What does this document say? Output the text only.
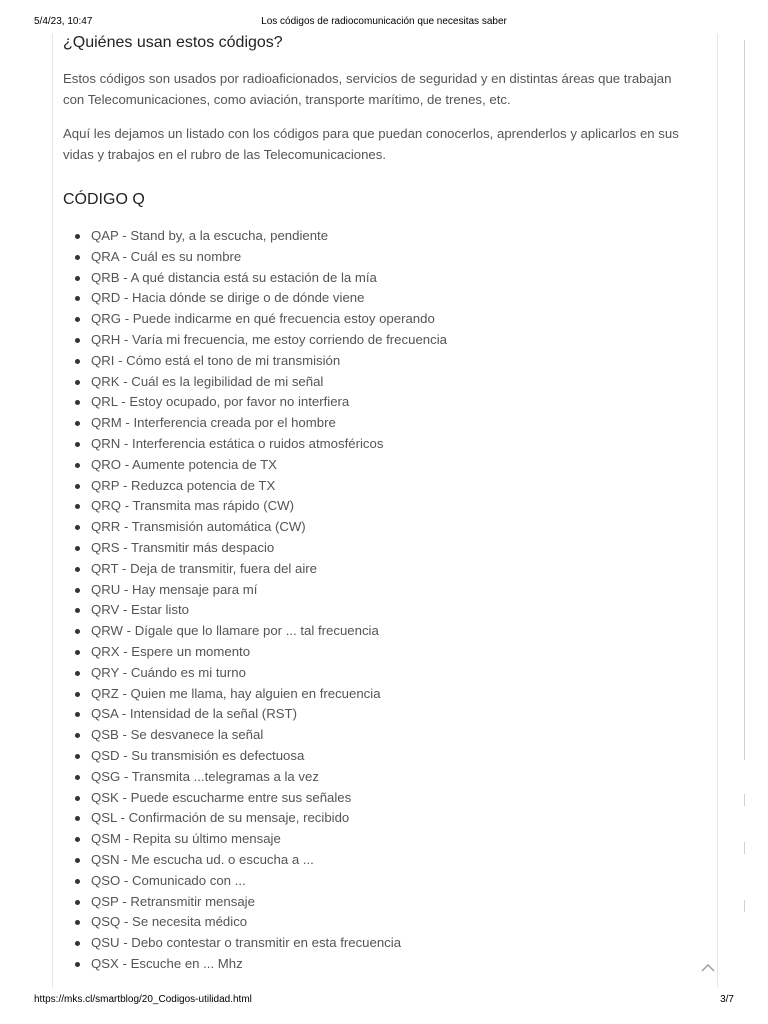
5/4/23, 10:47	Los códigos de radiocomunicación que necesitas saber
¿Quiénes usan estos códigos?

Estos códigos son usados por radioaficionados, servicios de seguridad y en distintas áreas que trabajan

con Telecomunicaciones, como aviación, transporte marítimo, de trenes, etc.

Aquí les dejamos un listado con los códigos para que puedan conocerlos, aprenderlos y aplicarlos en sus

vidas y trabajos en el rubro de las Telecomunicaciones.

CÓDIGO Q
QAP - Stand by, a la escucha, pendiente
QRA - Cuál es su nombre
QRB - A qué distancia está su estación de la mía
QRD - Hacia dónde se dirige o de dónde viene
QRG - Puede indicarme en qué frecuencia estoy operando
QRH - Varía mi frecuencia, me estoy corriendo de frecuencia
QRI - Cómo está el tono de mi transmisión
QRK - Cuál es la legibilidad de mi señal
QRL - Estoy ocupado, por favor no interfiera
QRM - Interferencia creada por el hombre
QRN - Interferencia estática o ruidos atmosféricos
QRO - Aumente potencia de TX
QRP - Reduzca potencia de TX
QRQ - Transmita mas rápido (CW)
QRR - Transmisión automática (CW)
QRS - Transmitir más despacio
QRT - Deja de transmitir, fuera del aire
QRU - Hay mensaje para mí
QRV - Estar listo
QRW - Dígale que lo llamare por ... tal frecuencia
QRX - Espere un momento
QRY - Cuándo es mi turno
QRZ - Quien me llama, hay alguien en frecuencia
QSA - Intensidad de la señal (RST)
QSB - Se desvanece la señal
QSD - Su transmisión es defectuosa
QSG - Transmita ...telegramas a la vez
QSK - Puede escucharme entre sus señales
QSL - Confirmación de su mensaje, recibido
QSM - Repita su último mensaje
QSN - Me escucha ud. o escucha a ...
QSO - Comunicado con ...
QSP - Retransmitir mensaje
QSQ - Se necesita médico
QSU - Debo contestar o transmitir en esta frecuencia
QSX - Escuche en ... Mhz
https://mks.cl/smartblog/20_Codigos-utilidad.html	3/7
